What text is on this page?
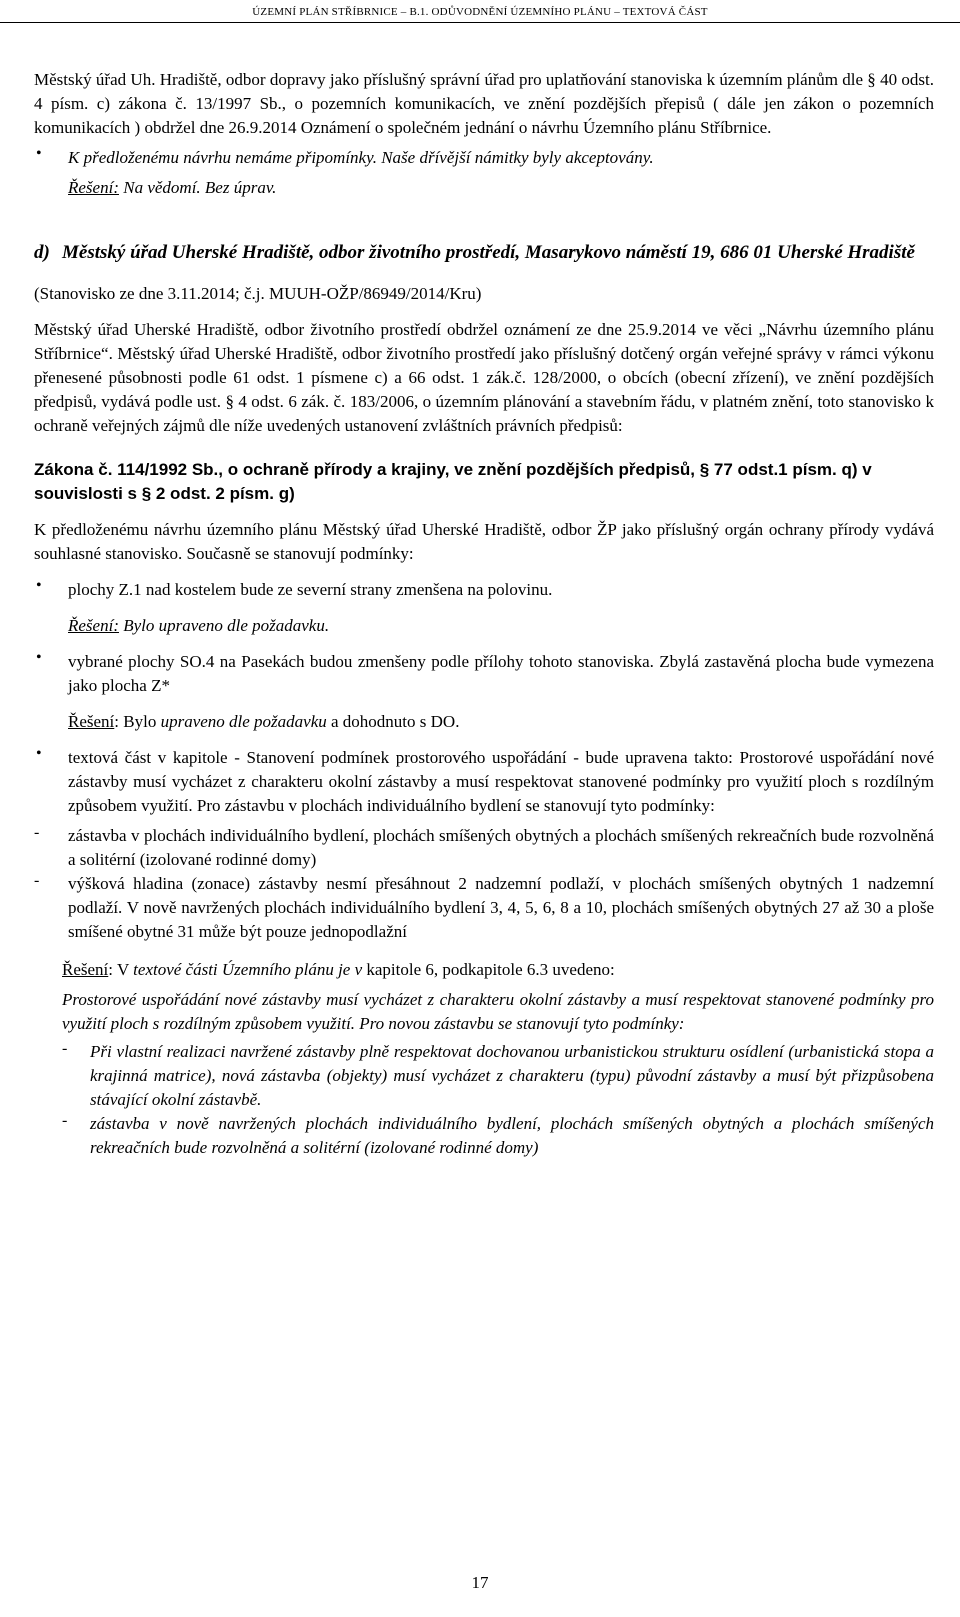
ÚZEMNÍ PLÁN STŘÍBRNICE – B.1. ODŮVODNĚNÍ ÚZEMNÍHO PLÁNU – TEXTOVÁ ČÁST

Městský úřad Uh. Hradiště, odbor dopravy jako příslušný správní úřad pro uplatňování stanoviska k územním plánům dle § 40 odst. 4 písm. c) zákona č. 13/1997 Sb., o pozemních komunikacích, ve znění pozdějších přepisů ( dále jen zákon o pozemních komunikacích ) obdržel dne 26.9.2014 Oznámení o společném jednání o návrhu Územního plánu Stříbrnice.

• K předloženému návrhu nemáme připomínky. Naše dřívější námitky byly akceptovány.

Řešení: Na vědomí. Bez úprav.

d) Městský úřad Uherské Hradiště, odbor životního prostředí, Masarykovo náměstí 19, 686 01 Uherské Hradiště

(Stanovisko ze dne 3.11.2014; č.j. MUUH-OŽP/86949/2014/Kru)

Městský úřad Uherské Hradiště, odbor životního prostředí obdržel oznámení ze dne 25.9.2014 ve věci „Návrhu územního plánu Stříbrnice“. Městský úřad Uherské Hradiště, odbor životního prostředí jako příslušný dotčený orgán veřejné správy v rámci výkonu přenesené působnosti podle 61 odst. 1 písmene c) a 66 odst. 1 zák.č. 128/2000, o obcích (obecní zřízení), ve znění pozdějších předpisů, vydává podle ust. § 4 odst. 6 zák. č. 183/2006, o územním plánování a stavebním řádu, v platném znění, toto stanovisko k ochraně veřejných zájmů dle níže uvedených ustanovení zvláštních právních předpisů:

Zákona č. 114/1992 Sb., o ochraně přírody a krajiny, ve znění pozdějších předpisů, § 77 odst.1 písm. q) v souvislosti s § 2 odst. 2 písm. g)

K předloženému návrhu územního plánu Městský úřad Uherské Hradiště, odbor ŽP jako příslušný orgán ochrany přírody vydává souhlasné stanovisko. Současně se stanovují podmínky:

• plochy Z.1 nad kostelem bude ze severní strany zmenšena na polovinu.

Řešení: Bylo upraveno dle požadavku.

• vybrané plochy SO.4 na Pasekách budou zmenšeny podle přílohy tohoto stanoviska. Zbylá zastavěná plocha bude vymezena jako plocha Z*

Řešení: Bylo upraveno dle požadavku a dohodnuto s DO.

• textová část v kapitole - Stanovení podmínek prostorového uspořádání - bude upravena takto: Prostorové uspořádání nové zástavby musí vycházet z charakteru okolní zástavby a musí respektovat stanovené podmínky pro využití ploch s rozdílným způsobem využití. Pro zástavbu v plochách individuálního bydlení se stanovují tyto podmínky:

- zástavba v plochách individuálního bydlení, plochách smíšených obytných a plochách smíšených rekreačních bude rozvolněná a solitérní (izolované rodinné domy)

- výšková hladina (zonace) zástavby nesmí přesáhnout 2 nadzemní podlaží, v plochách smíšených obytných 1 nadzemní podlaží. V nově navržených plochách individuálního bydlení 3, 4, 5, 6, 8 a 10, plochách smíšených obytných 27 až 30 a ploše smíšené obytné 31 může být pouze jednopodlažní

Řešení: V textové části Územního plánu je v kapitole 6, podkapitole 6.3 uvedeno:

Prostorové uspořádání nové zástavby musí vycházet z charakteru okolní zástavby a musí respektovat stanovené podmínky pro využití ploch s rozdílným způsobem využití. Pro novou zástavbu se stanovují tyto podmínky:

- Při vlastní realizaci navržené zástavby plně respektovat dochovanou urbanistickou strukturu osídlení (urbanistická stopa a krajinná matrice), nová zástavba (objekty) musí vycházet z charakteru (typu) původní zástavby a musí být přizpůsobena stávající okolní zástavbě.

- zástavba v nově navržených plochách individuálního bydlení, plochách smíšených obytných a plochách smíšených rekreačních bude rozvolněná a solitérní (izolované rodinné domy)

17
